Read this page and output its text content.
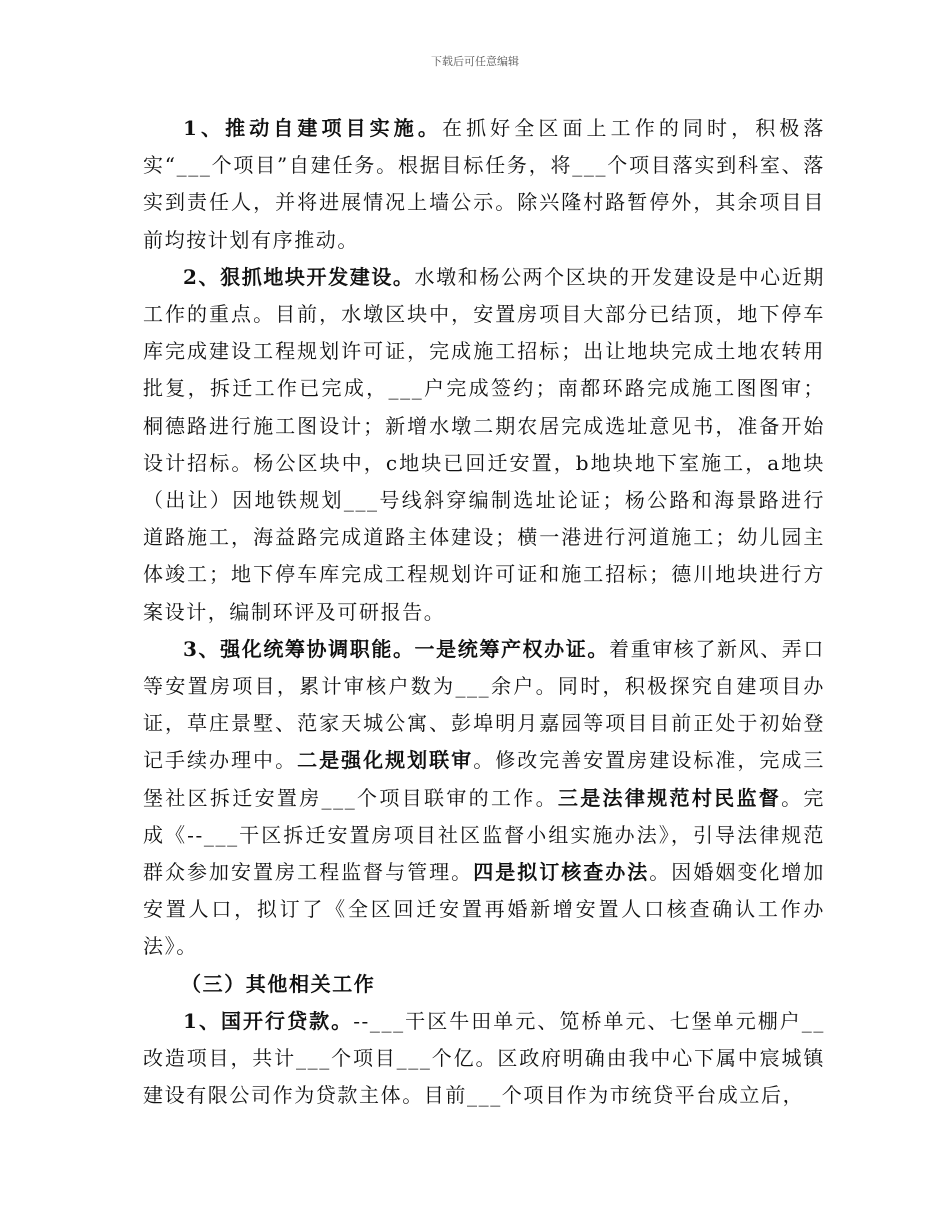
下载后可任意编辑

1、推动自建项目实施。在抓好全区面上工作的同时，积极落实“___个项目”自建任务。根据目标任务，将___个项目落实到科室、落实到责任人，并将进展情况上墙公示。除兴隆村路暂停外，其余项目目前均按计划有序推动。

2、狠抓地块开发建设。水墩和杨公两个区块的开发建设是中心近期工作的重点。目前，水墩区块中，安置房项目大部分已结顶，地下停车库完成建设工程规划许可证，完成施工招标；出让地块完成土地农转用批复，拆迁工作已完成，___户完成签约；南都环路完成施工图图审；桐德路进行施工图设计；新增水墩二期农居完成选址意见书，准备开始设计招标。杨公区块中，c地块已回迁安置，b地块地下室施工，a地块（出让）因地铁规划___号线斜穿编制选址论证；杨公路和海景路进行道路施工，海益路完成道路主体建设；横一港进行河道施工；幼儿园主体竣工；地下停车库完成工程规划许可证和施工招标；德川地块进行方案设计，编制环评及可研报告。

3、强化统筹协调职能。一是统筹产权办证。着重审核了新风、弄口等安置房项目，累计审核户数为___余户。同时，积极探究自建项目办证，草庄景墅、范家天城公寓、彭埠明月嘉园等项目目前正处于初始登记手续办理中。二是强化规划联审。修改完善安置房建设标准，完成三堡社区拆迁安置房___个项目联审的工作。三是法律规范村民监督。完成《--___干区拆迁安置房项目社区监督小组实施办法》，引导法律规范群众参加安置房工程监督与管理。四是拟订核查办法。因婚姻变化增加安置人口，拟订了《全区回迁安置再婚新增安置人口核查确认工作办法》。

（三）其他相关工作

1、国开行贷款。--___干区牛田单元、笕桥单元、七堡单元棚户__改造项目，共计___个项目___个亿。区政府明确由我中心下属中宸城镇建设有限公司作为贷款主体。目前___个项目作为市统贷平台成立后，
